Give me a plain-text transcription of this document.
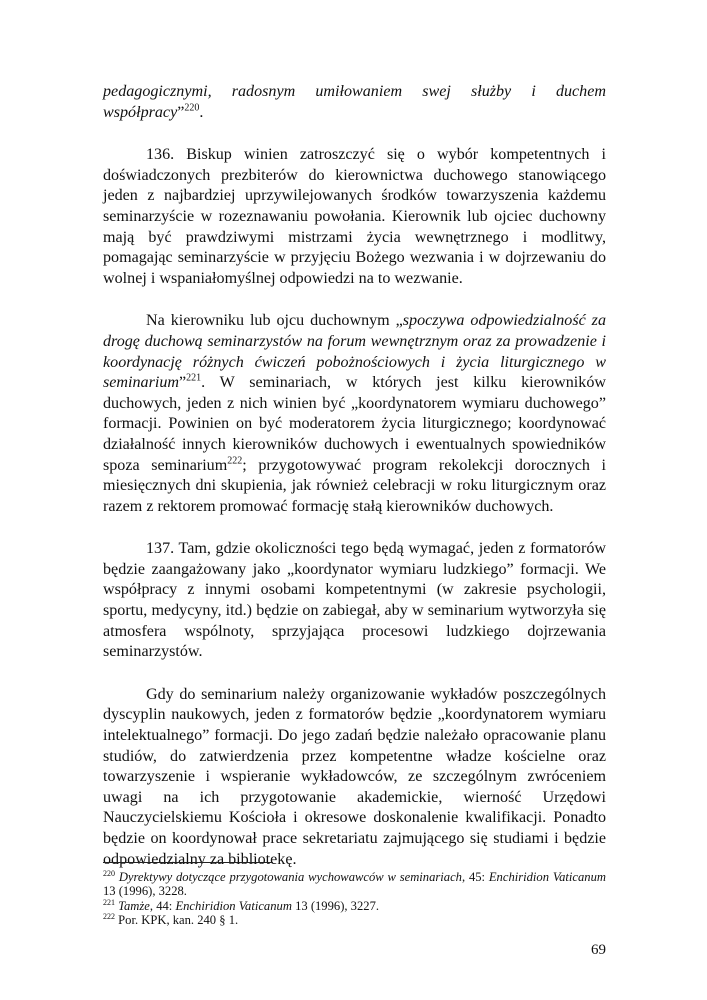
pedagogicznymi, radosnym umiłowaniem swej służby i duchem współpracy”$^{220}$.

136. Biskup winien zatroszczyć się o wybór kompetentnych i doświadczonych prezbiterów do kierownictwa duchowego stanowiącego jeden z najbardziej uprzywilejowanych środków towarzyszenia każdemu seminarzyście w rozeznawaniu powołania. Kierownik lub ojciec duchowny mają być prawdziwymi mistrzami życia wewnętrznego i modlitwy, pomagając seminarzyście w przyjęciu Bożego wezwania i w dojrzewaniu do wolnej i wspaniałomyślnej odpowiedzi na to wezwanie.

Na kierowniku lub ojcu duchownym „spoczywa odpowiedzialność za drogę duchową seminarzystów na forum wewnętrznym oraz za prowadzenie i koordynację różnych ćwiczeń pobożnościowych i życia liturgicznego w seminarium”$^{221}$. W seminariach, w których jest kilku kierowników duchowych, jeden z nich winien być „koordynatorem wymiaru duchowego” formacji. Powinien on być moderatorem życia liturgicznego; koordynować działalność innych kierowników duchowych i ewentualnych spowiedników spoza seminarium$^{222}$; przygotowywać program rekolekcji dorocznych i miesięcznych dni skupienia, jak również celebracji w roku liturgicznym oraz razem z rektorem promować formację stałą kierowników duchowych.

137. Tam, gdzie okoliczności tego będą wymagać, jeden z formatorów będzie zaangażowany jako „koordynator wymiaru ludzkiego” formacji. We współpracy z innymi osobami kompetentnymi (w zakresie psychologii, sportu, medycyny, itd.) będzie on zabiegał, aby w seminarium wytworzyła się atmosfera wspólnoty, sprzyjająca procesowi ludzkiego dojrzewania seminarzystów.

Gdy do seminarium należy organizowanie wykładów poszczególnych dyscyplin naukowych, jeden z formatorów będzie „koordynatorem wymiaru intelektualnego” formacji. Do jego zadań będzie należało opracowanie planu studiów, do zatwierdzenia przez kompetentne władze kościelne oraz towarzyszenie i wspieranie wykładowców, ze szczególnym zwróceniem uwagi na ich przygotowanie akademickie, wierność Urzędowi Nauczycielskiemu Kościoła i okresowe doskonalenie kwalifikacji. Ponadto będzie on koordynował prace sekretariatu zajmującego się studiami i będzie odpowiedzialny za bibliotekę.

$^{220}$ Dyrektywy dotyczące przygotowania wychowawców w seminariach, 45: Enchiridion Vaticanum 13 (1996), 3228.

$^{221}$ Tamże, 44: Enchiridion Vaticanum 13 (1996), 3227.

$^{222}$ Por. KPK, kan. 240 § 1.

69
